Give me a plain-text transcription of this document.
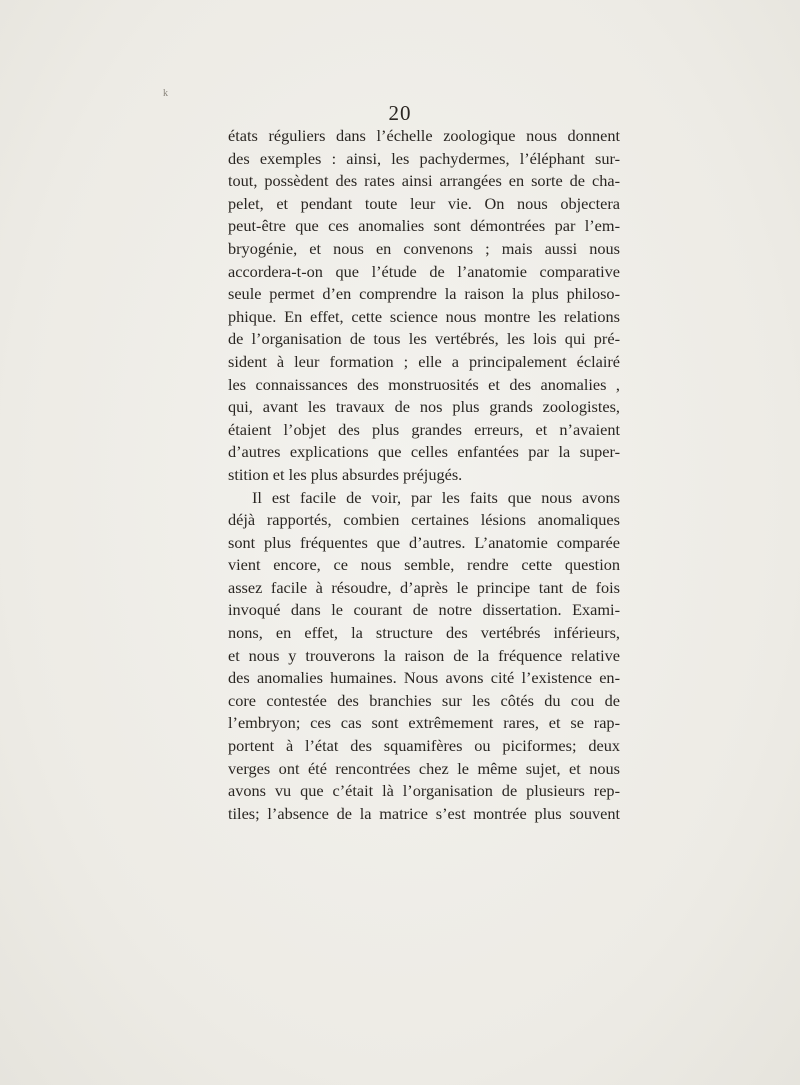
k
20
états réguliers dans l’échelle zoologique nous donnent
des exemples : ainsi, les pachydermes, l’éléphant sur-
tout, possèdent des rates ainsi arrangées en sorte de cha-
pelet, et pendant toute leur vie. On nous objectera
peut-être que ces anomalies sont démontrées par l’em-
bryogénie, et nous en convenons ; mais aussi nous
accordera-t-on que l’étude de l’anatomie comparative
seule permet d’en comprendre la raison la plus philoso-
phique. En effet, cette science nous montre les relations
de l’organisation de tous les vertébrés, les lois qui pré-
sident à leur formation ; elle a principalement éclairé
les connaissances des monstruosités et des anomalies ,
qui, avant les travaux de nos plus grands zoologistes,
étaient l’objet des plus grandes erreurs, et n’avaient
d’autres explications que celles enfantées par la super-
stition et les plus absurdes préjugés.
Il est facile de voir, par les faits que nous avons
déjà rapportés, combien certaines lésions anomaliques
sont plus fréquentes que d’autres. L’anatomie comparée
vient encore, ce nous semble, rendre cette question
assez facile à résoudre, d’après le principe tant de fois
invoqué dans le courant de notre dissertation. Exami-
nons, en effet, la structure des vertébrés inférieurs,
et nous y trouverons la raison de la fréquence relative
des anomalies humaines. Nous avons cité l’existence en-
core contestée des branchies sur les côtés du cou de
l’embryon; ces cas sont extrêmement rares, et se rap-
portent à l’état des squamifères ou piciformes; deux
verges ont été rencontrées chez le même sujet, et nous
avons vu que c’était là l’organisation de plusieurs rep-
tiles; l’absence de la matrice s’est montrée plus souvent
